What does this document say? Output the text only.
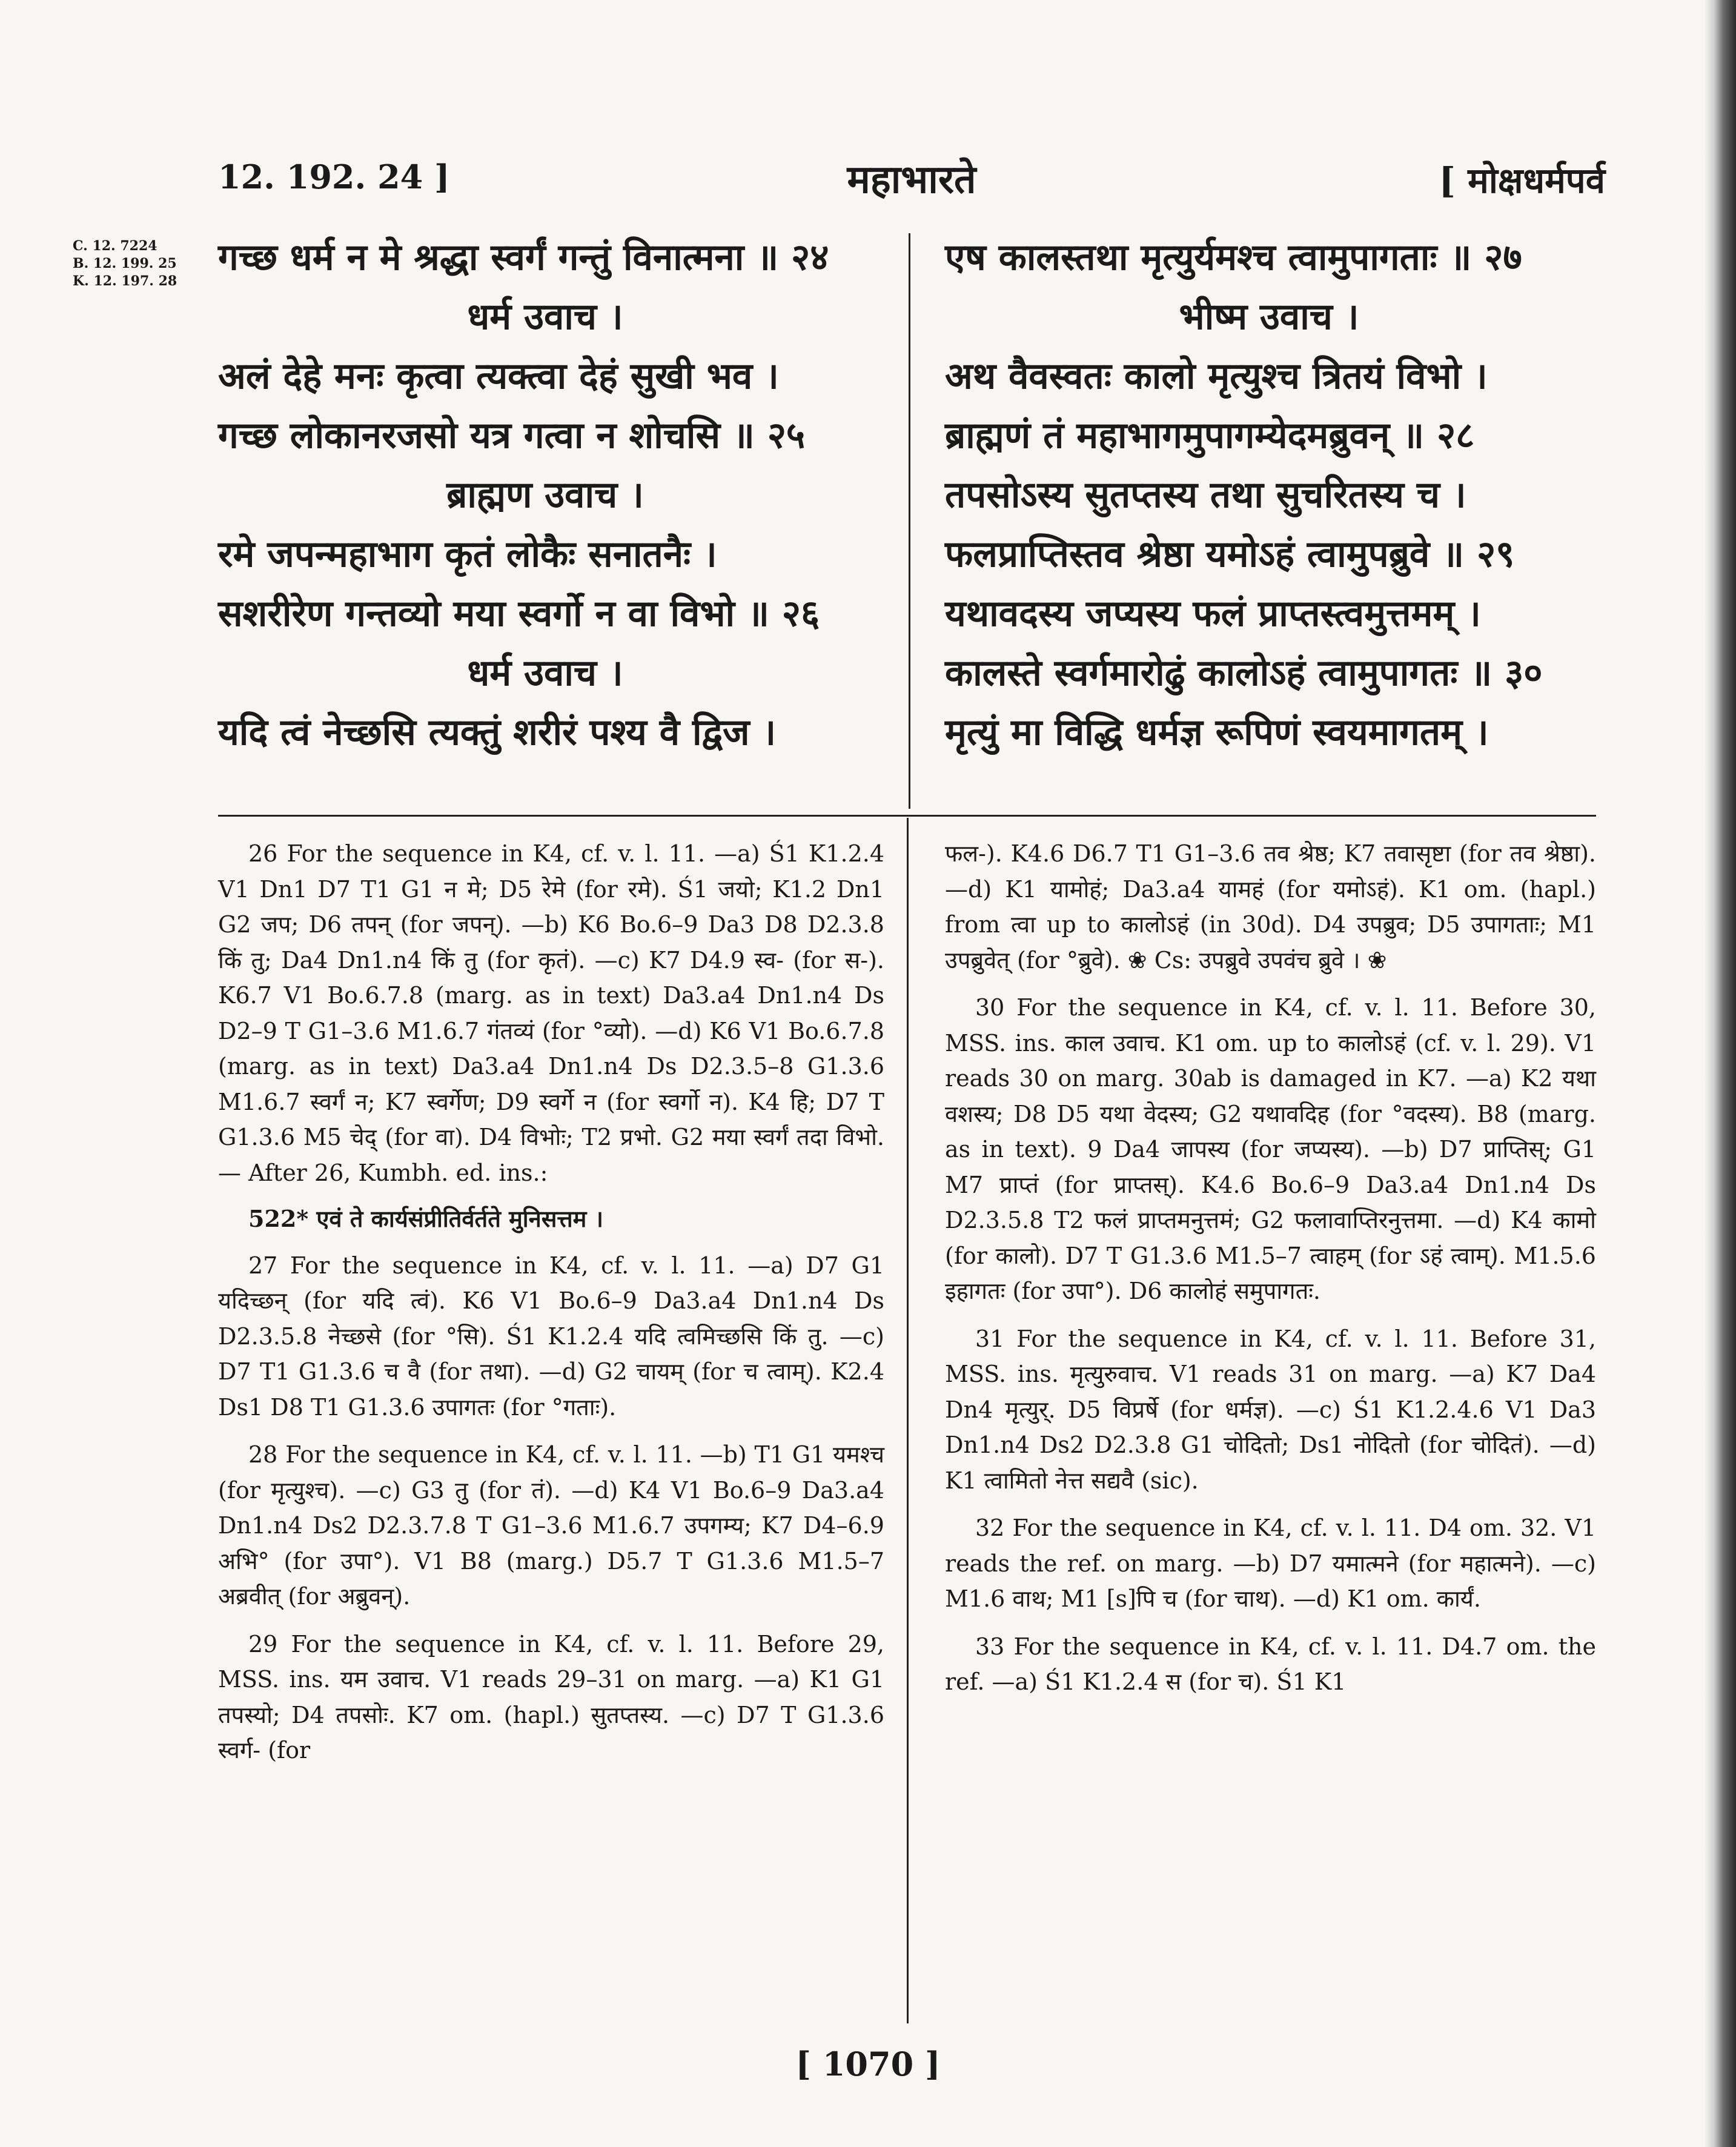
12. 192. 24 ]	महाभारते	[ मोक्षधर्मपर्व
C. 12. 7224
B. 12. 199. 25
K. 12. 197. 28
गच्छ धर्म न मे श्रद्धा स्वर्गं गन्तुं विनात्मना ॥ २४
धर्म उवाच ।
अलं देहे मनः कृत्वा त्यक्त्वा देहं सुखी भव ।
गच्छ लोकानरजसो यत्र गत्वा न शोचसि ॥ २५
ब्राह्मण उवाच ।
रमे जपन्महाभाग कृतं लोकैः सनातनैः ।
सशरीरेण गन्तव्यो मया स्वर्गो न वा विभो ॥ २६
धर्म उवाच ।
यदि त्वं नेच्छसि त्यक्तुं शरीरं पश्य वै द्विज ।
एष कालस्तथा मृत्युर्यमश्च त्वामुपागताः ॥ २७
भीष्म उवाच ।
अथ वैवस्वतः कालो मृत्युश्च त्रितयं विभो ।
ब्राह्मणं तं महाभागमुपागम्येदमब्रुवन् ॥ २८
तपसोऽस्य सुतप्तस्य तथा सुचरितस्य च ।
फलप्राप्तिस्तव श्रेष्ठा यमोऽहं त्वामुपब्रुवे ॥ २९
यथावदस्य जप्यस्य फलं प्राप्तस्त्वमुत्तमम् ।
कालस्ते स्वर्गमारोढुं कालोऽहं त्वामुपागतः ॥ ३०
मृत्युं मा विद्धि धर्मज्ञ रूपिणं स्वयमागतम् ।

26 For the sequence in K4, cf. v. l. 11. —a) Ś1 K1.2.4 V1 Dn1 D7 T1 G1 न मे; D5 रेमे (for रमे). Ś1 जयो; K1.2 Dn1 G2 जप; D6 तपन् (for जपन्). —b) K6 Bo.6–9 Da3 D8 D2.3.8 किं तु; Da4 Dn1.n4 किं तु (for कृतं). —c) K7 D4.9 स्व- (for स-). K6.7 V1 Bo.6.7.8 (marg. as in text) Da3.a4 Dn1.n4 Ds D2–9 T G1–3.6 M1.6.7 गंतव्यं (for °व्यो). —d) K6 V1 Bo.6.7.8 (marg. as in text) Da3.a4 Dn1.n4 Ds D2.3.5–8 G1.3.6 M1.6.7 स्वर्गं न; K7 स्वर्गेण; D9 स्वर्गे न (for स्वर्गो न). K4 हि; D7 T G1.3.6 M5 चेद् (for वा). D4 विभोः; T2 प्रभो. G2 मया स्वर्गं तदा विभो. — After 26, Kumbh. ed. ins.:

522* एवं ते कार्यसंप्रीतिर्वर्तते मुनिसत्तम ।

27 For the sequence in K4, cf. v. l. 11. —a) D7 G1 यदिच्छन् (for यदि त्वं). K6 V1 Bo.6–9 Da3.a4 Dn1.n4 Ds D2.3.5.8 नेच्छसे (for °सि). Ś1 K1.2.4 यदि त्वमिच्छसि किं तु. —c) D7 T1 G1.3.6 च वै (for तथा). —d) G2 चायम् (for च त्वाम्). K2.4 Ds1 D8 T1 G1.3.6 उपागतः (for °गताः).

28 For the sequence in K4, cf. v. l. 11. —b) T1 G1 यमश्च (for मृत्युश्च). —c) G3 तु (for तं). —d) K4 V1 Bo.6–9 Da3.a4 Dn1.n4 Ds2 D2.3.7.8 T G1–3.6 M1.6.7 उपगम्य; K7 D4–6.9 अभि° (for उपा°). V1 B8 (marg.) D5.7 T G1.3.6 M1.5–7 अब्रवीत् (for अब्रुवन्).

29 For the sequence in K4, cf. v. l. 11. Before 29, MSS. ins. यम उवाच. V1 reads 29–31 on marg. —a) K1 G1 तपस्यो; D4 तपसोः. K7 om. (hapl.) सुतप्तस्य. —c) D7 T G1.3.6 स्वर्ग- (for

फल-). K4.6 D6.7 T1 G1–3.6 तव श्रेष्ठ; K7 तवासृष्टा (for तव श्रेष्ठा). —d) K1 यामोहं; Da3.a4 यामहं (for यमोऽहं). K1 om. (hapl.) from त्वा up to कालोऽहं (in 30d). D4 उपब्रुव; D5 उपागताः; M1 उपब्रुवेत् (for °ब्रुवे). ❀ Cs: उपब्रुवे उपवंच ब्रुवे । ❀

30 For the sequence in K4, cf. v. l. 11. Before 30, MSS. ins. काल उवाच. K1 om. up to कालोऽहं (cf. v. l. 29). V1 reads 30 on marg. 30ab is damaged in K7. —a) K2 यथा वशस्य; D8 D5 यथा वेदस्य; G2 यथावदिह (for °वदस्य). B8 (marg. as in text). 9 Da4 जापस्य (for जप्यस्य). —b) D7 प्राप्तिस्; G1 M7 प्राप्तं (for प्राप्तस्). K4.6 Bo.6–9 Da3.a4 Dn1.n4 Ds D2.3.5.8 T2 फलं प्राप्तमनुत्तमं; G2 फलावाप्तिरनुत्तमा. —d) K4 कामो (for कालो). D7 T G1.3.6 M1.5–7 त्वाहम् (for ऽहं त्वाम्). M1.5.6 इहागतः (for उपा°). D6 कालोहं समुपागतः.

31 For the sequence in K4, cf. v. l. 11. Before 31, MSS. ins. मृत्युरुवाच. V1 reads 31 on marg. —a) K7 Da4 Dn4 मृत्युर्. D5 विप्रर्षे (for धर्मज्ञ). —c) Ś1 K1.2.4.6 V1 Da3 Dn1.n4 Ds2 D2.3.8 G1 चोदितो; Ds1 नोदितो (for चोदितं). —d) K1 त्वामितो नेत्त सद्यवै (sic).

32 For the sequence in K4, cf. v. l. 11. D4 om. 32. V1 reads the ref. on marg. —b) D7 यमात्मने (for महात्मने). —c) M1.6 वाथ; M1 [s]पि च (for चाथ). —d) K1 om. कार्यं.

33 For the sequence in K4, cf. v. l. 11. D4.7 om. the ref. —a) Ś1 K1.2.4 स (for च). Ś1 K1

[ 1070 ]
